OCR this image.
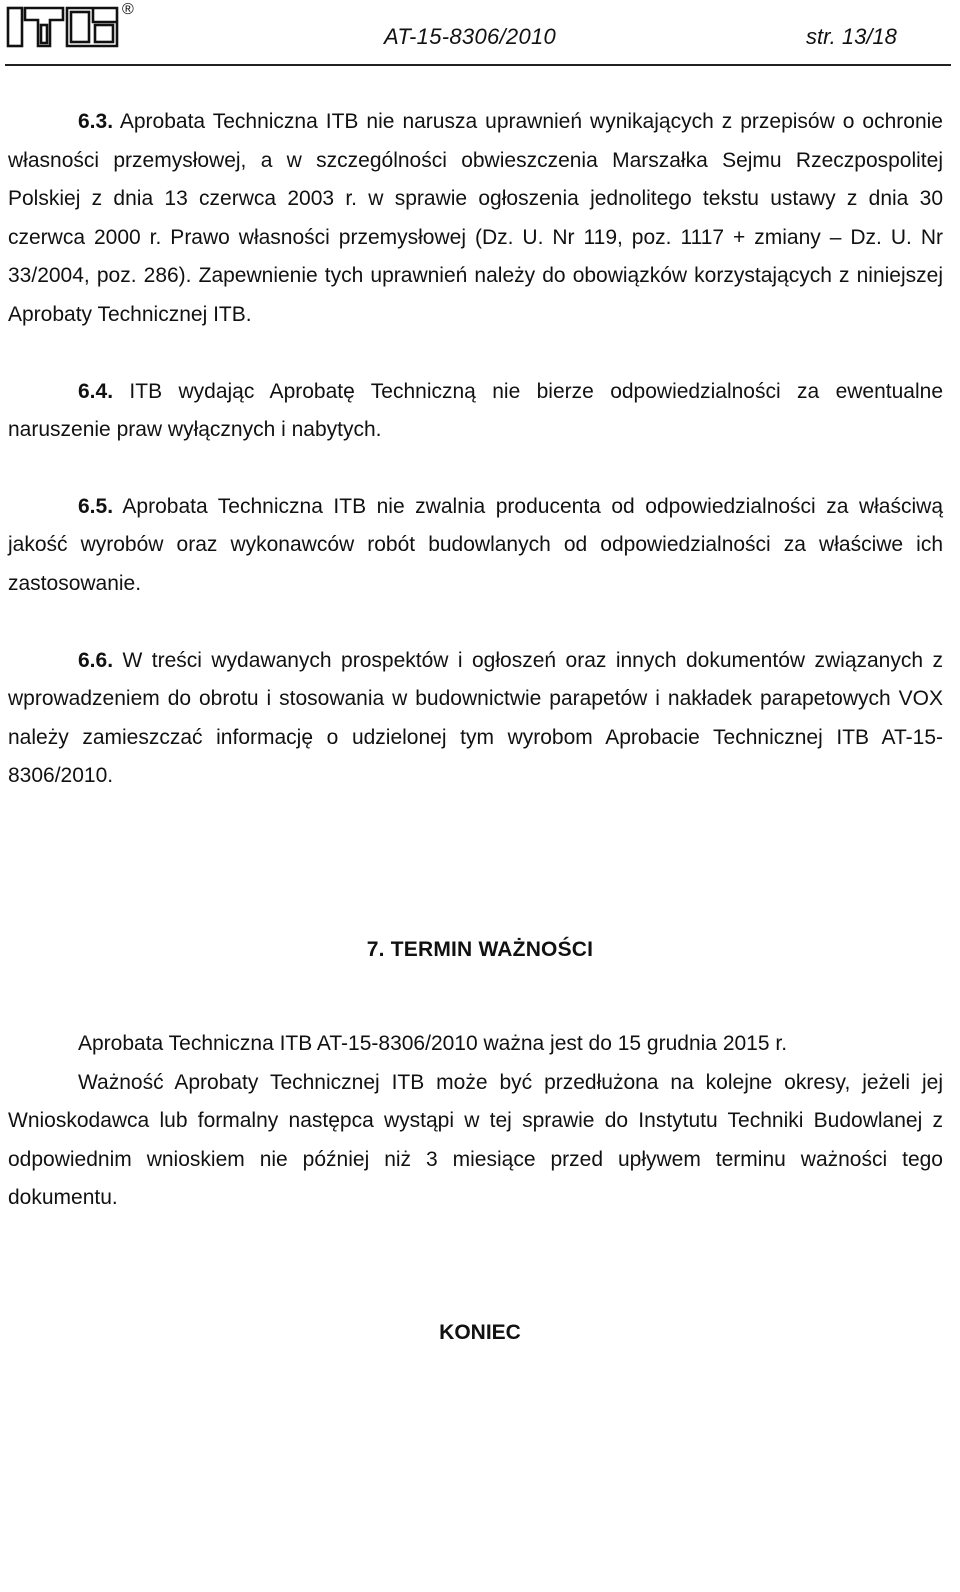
®
AT-15-8306/2010	str. 13/18

6.3. Aprobata Techniczna ITB nie narusza uprawnień wynikających z przepisów o ochronie własności przemysłowej, a w szczególności obwieszczenia Marszałka Sejmu Rzeczpospolitej Polskiej z dnia 13 czerwca 2003 r. w sprawie ogłoszenia jednolitego tekstu ustawy z dnia 30 czerwca 2000 r. Prawo własności przemysłowej (Dz. U. Nr 119, poz. 1117 + zmiany – Dz. U. Nr 33/2004, poz. 286). Zapewnienie tych uprawnień należy do obowiązków korzystających z niniejszej Aprobaty Technicznej ITB.

6.4. ITB wydając Aprobatę Techniczną nie bierze odpowiedzialności za ewentualne naruszenie praw wyłącznych i nabytych.

6.5. Aprobata Techniczna ITB nie zwalnia producenta od odpowiedzialności za właściwą jakość wyrobów oraz wykonawców robót budowlanych od odpowiedzialności za właściwe ich zastosowanie.

6.6. W treści wydawanych prospektów i ogłoszeń oraz innych dokumentów związanych z wprowadzeniem do obrotu i stosowania w budownictwie parapetów i nakładek parapetowych VOX należy zamieszczać informację o udzielonej tym wyrobom Aprobacie Technicznej ITB AT-15-8306/2010.

7. TERMIN WAŻNOŚCI

Aprobata Techniczna ITB AT-15-8306/2010 ważna jest do 15 grudnia 2015 r.

Ważność Aprobaty Technicznej ITB może być przedłużona na kolejne okresy, jeżeli jej Wnioskodawca lub formalny następca wystąpi w tej sprawie do Instytutu Techniki Budowlanej z odpowiednim wnioskiem nie później niż 3 miesiące przed upływem terminu ważności tego dokumentu.

KONIEC
